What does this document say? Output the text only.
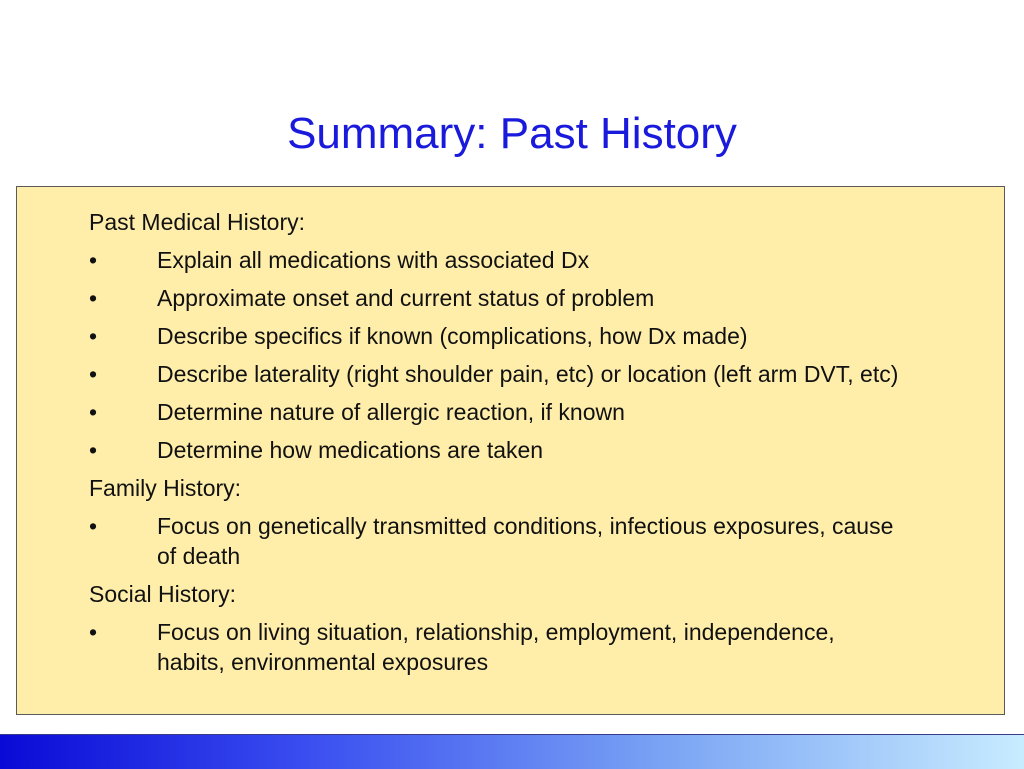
Summary: Past History
Past Medical History:
•	Explain all medications with associated Dx
•	Approximate onset and current status of problem
•	Describe specifics if known (complications, how Dx made)
•	Describe laterality (right shoulder pain, etc) or location (left arm DVT, etc)
•	Determine nature of allergic reaction, if known
•	Determine how medications are taken
Family History:
•	Focus on genetically transmitted conditions, infectious exposures, cause of death
Social History:
•	Focus on living situation, relationship, employment, independence, habits, environmental exposures
